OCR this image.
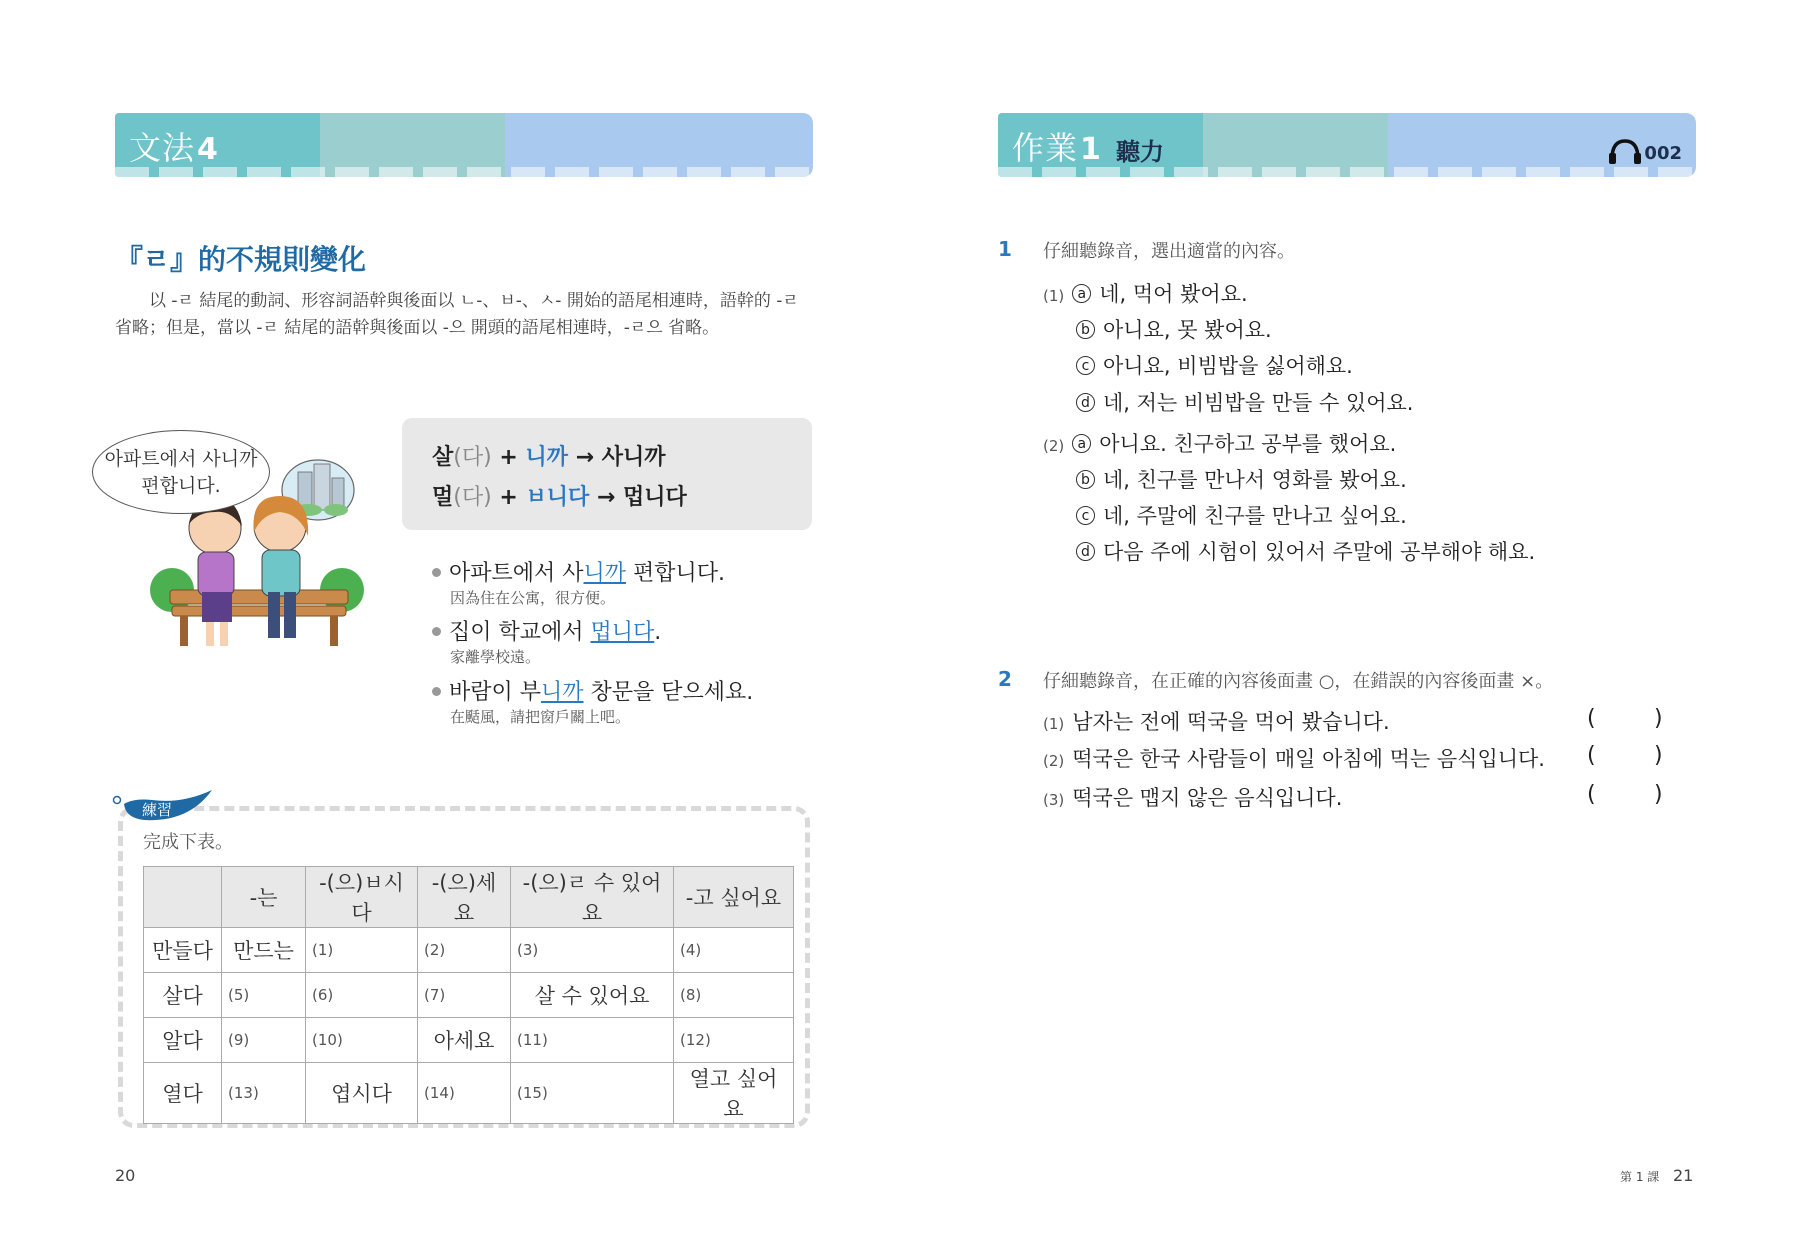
文法4
『ㄹ』的不規則變化
以 -ㄹ 結尾的動詞、形容詞語幹與後面以 ㄴ-、ㅂ-、ㅅ- 開始的語尾相連時，語幹的 -ㄹ 省略；但是，當以 -ㄹ 結尾的語幹與後面以 -으 開頭的語尾相連時，-ㄹ으 省略。
아파트에서 사니까
편합니다.
살(다) + 니까 → 사니까
멀(다) + ㅂ니다 → 멉니다
아파트에서 사니까 편합니다.
因為住在公寓，很方便。
집이 학교에서 멉니다.
家離學校遠。
바람이 부니까 창문을 닫으세요.
在颳風，請把窗戶關上吧。
練習
完成下表。
	-는	-(으)ㅂ시다	-(으)세요	-(으)ㄹ 수 있어요	-고 싶어요
만들다	만드는	(1)	(2)	(3)	(4)
살다	(5)	(6)	(7)	살 수 있어요	(8)
알다	(9)	(10)	아세요	(11)	(12)
열다	(13)	엽시다	(14)	(15)	열고 싶어요
20
作業1 聽力	002
1 仔細聽錄音，選出適當的內容。
(1) a 네, 먹어 봤어요.
b 아니요, 못 봤어요.
c 아니요, 비빔밥을 싫어해요.
d 네, 저는 비빔밥을 만들 수 있어요.
(2) a 아니요. 친구하고 공부를 했어요.
b 네, 친구를 만나서 영화를 봤어요.
c 네, 주말에 친구를 만나고 싶어요.
d 다음 주에 시험이 있어서 주말에 공부해야 해요.
2 仔細聽錄音，在正確的內容後面畫 ○，在錯誤的內容後面畫 ×。
(1) 남자는 전에 떡국을 먹어 봤습니다.	(	)
(2) 떡국은 한국 사람들이 매일 아침에 먹는 음식입니다. (	)
(3) 떡국은 맵지 않은 음식입니다.	(	)
第 1 課 21
